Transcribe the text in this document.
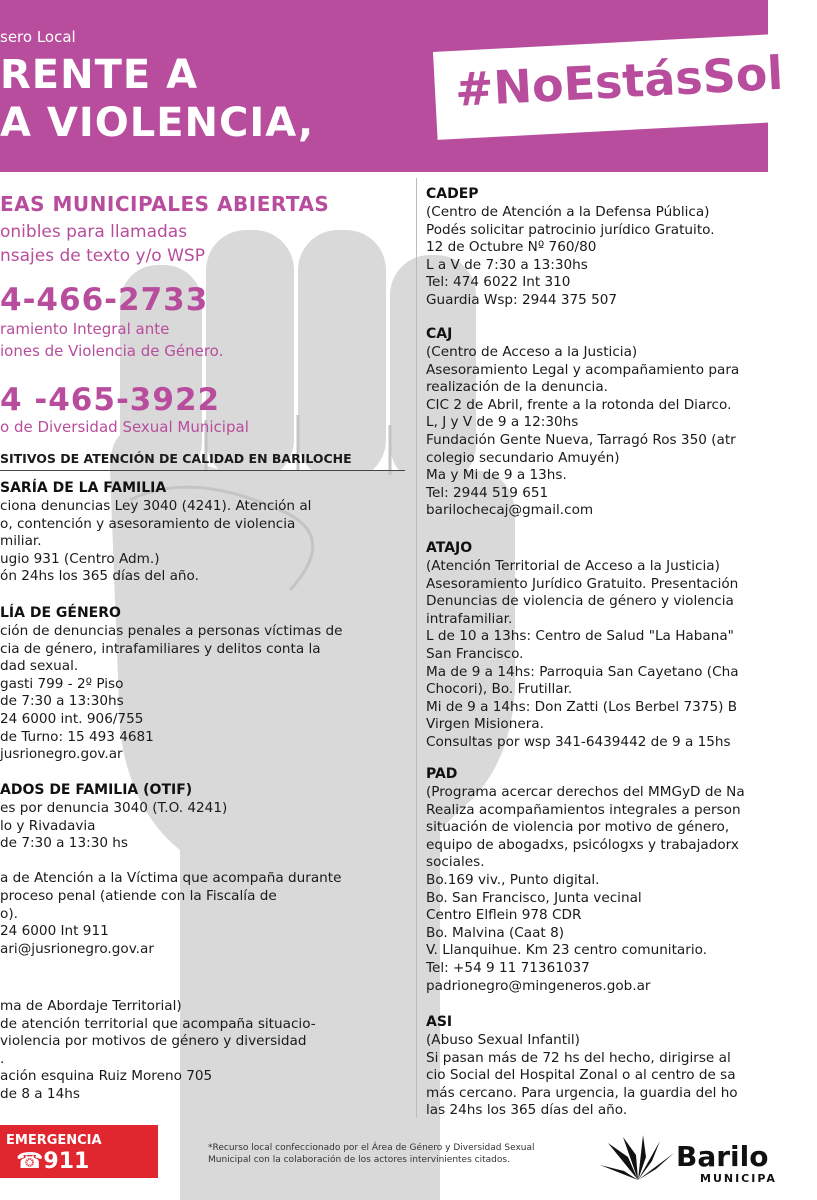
sero Local
RENTE A
A VIOLENCIA,
#NoEstásSol
EAS MUNICIPALES ABIERTAS
onibles para llamadas
nsajes de texto y/o WSP
4-466-2733
ramiento Integral ante
iones de Violencia de Género.
4 -465-3922
o de Diversidad Sexual Municipal
SITIVOS DE ATENCIÓN DE CALIDAD EN BARILOCHE
SARÍA DE LA FAMILIA
ciona denuncias Ley 3040 (4241). Atención al
o, contención y asesoramiento de violencia
miliar.
ugio 931 (Centro Adm.)
ón 24hs los 365 días del año.
LÍA DE GÉNERO
ción de denuncias penales a personas víctimas de
cia de género, intrafamiliares y delitos conta la
dad sexual.
gasti 799 - 2º Piso
de 7:30 a 13:30hs
24 6000 int. 906/755
de Turno: 15 493 4681
jusrionegro.gov.ar
ADOS DE FAMILIA (OTIF)
es por denuncia 3040 (T.O. 4241)
lo y Rivadavia
de 7:30 a 13:30 hs
a de Atención a la Víctima que acompaña durante
proceso penal (atiende con la Fiscalía de
o).
24 6000 Int 911
ari@jusrionegro.gov.ar
ma de Abordaje Territorial)
de atención territorial que acompaña situacio-
violencia por motivos de género y diversidad
.
ación esquina Ruiz Moreno 705
de 8 a 14hs
CADEP
(Centro de Atención a la Defensa Pública)
Podés solicitar patrocinio jurídico Gratuito.
12 de Octubre Nº 760/80
L a V de 7:30 a 13:30hs
Tel: 474 6022 Int 310
Guardia Wsp: 2944 375 507
CAJ
(Centro de Acceso a la Justicia)
Asesoramiento Legal y acompañamiento para
realización de la denuncia.
CIC 2 de Abril, frente a la rotonda del Diarco.
L, J y V de 9 a 12:30hs
Fundación Gente Nueva, Tarragó Ros 350 (atr
colegio secundario Amuyén)
Ma y Mi de 9 a 13hs.
Tel: 2944 519 651
barilochecaj@gmail.com
ATAJO
(Atención Territorial de Acceso a la Justicia)
Asesoramiento Jurídico Gratuito. Presentación
Denuncias de violencia de género y violencia
intrafamiliar.
L de 10 a 13hs: Centro de Salud "La Habana"
San Francisco.
Ma de 9 a 14hs: Parroquia San Cayetano (Cha
Chocori), Bo. Frutillar.
Mi de 9 a 14hs: Don Zatti (Los Berbel 7375) B
Virgen Misionera.
Consultas por wsp 341-6439442 de 9 a 15hs
PAD
(Programa acercar derechos del MMGyD de Na
Realiza acompañamientos integrales a person
situación de violencia por motivo de género,
equipo de abogadxs, psicólogxs y trabajadorx
sociales.
Bo.169 viv., Punto digital.
Bo. San Francisco, Junta vecinal
Centro Elflein 978 CDR
Bo. Malvina (Caat 8)
V. Llanquihue. Km 23 centro comunitario.
Tel: +54 9 11 71361037
padrionegro@mingeneros.gob.ar
ASI
(Abuso Sexual Infantil)
Si pasan más de 72 hs del hecho, dirigirse al
cio Social del Hospital Zonal o al centro de sa
más cercano. Para urgencia, la guardia del ho
las 24hs los 365 días del año.
EMERGENCIA
☎911
*Recurso local confeccionado por el Área de Género y Diversidad Sexual
Municipal con la colaboración de los actores intervinientes citados.	Barilo
MUNICIPA
